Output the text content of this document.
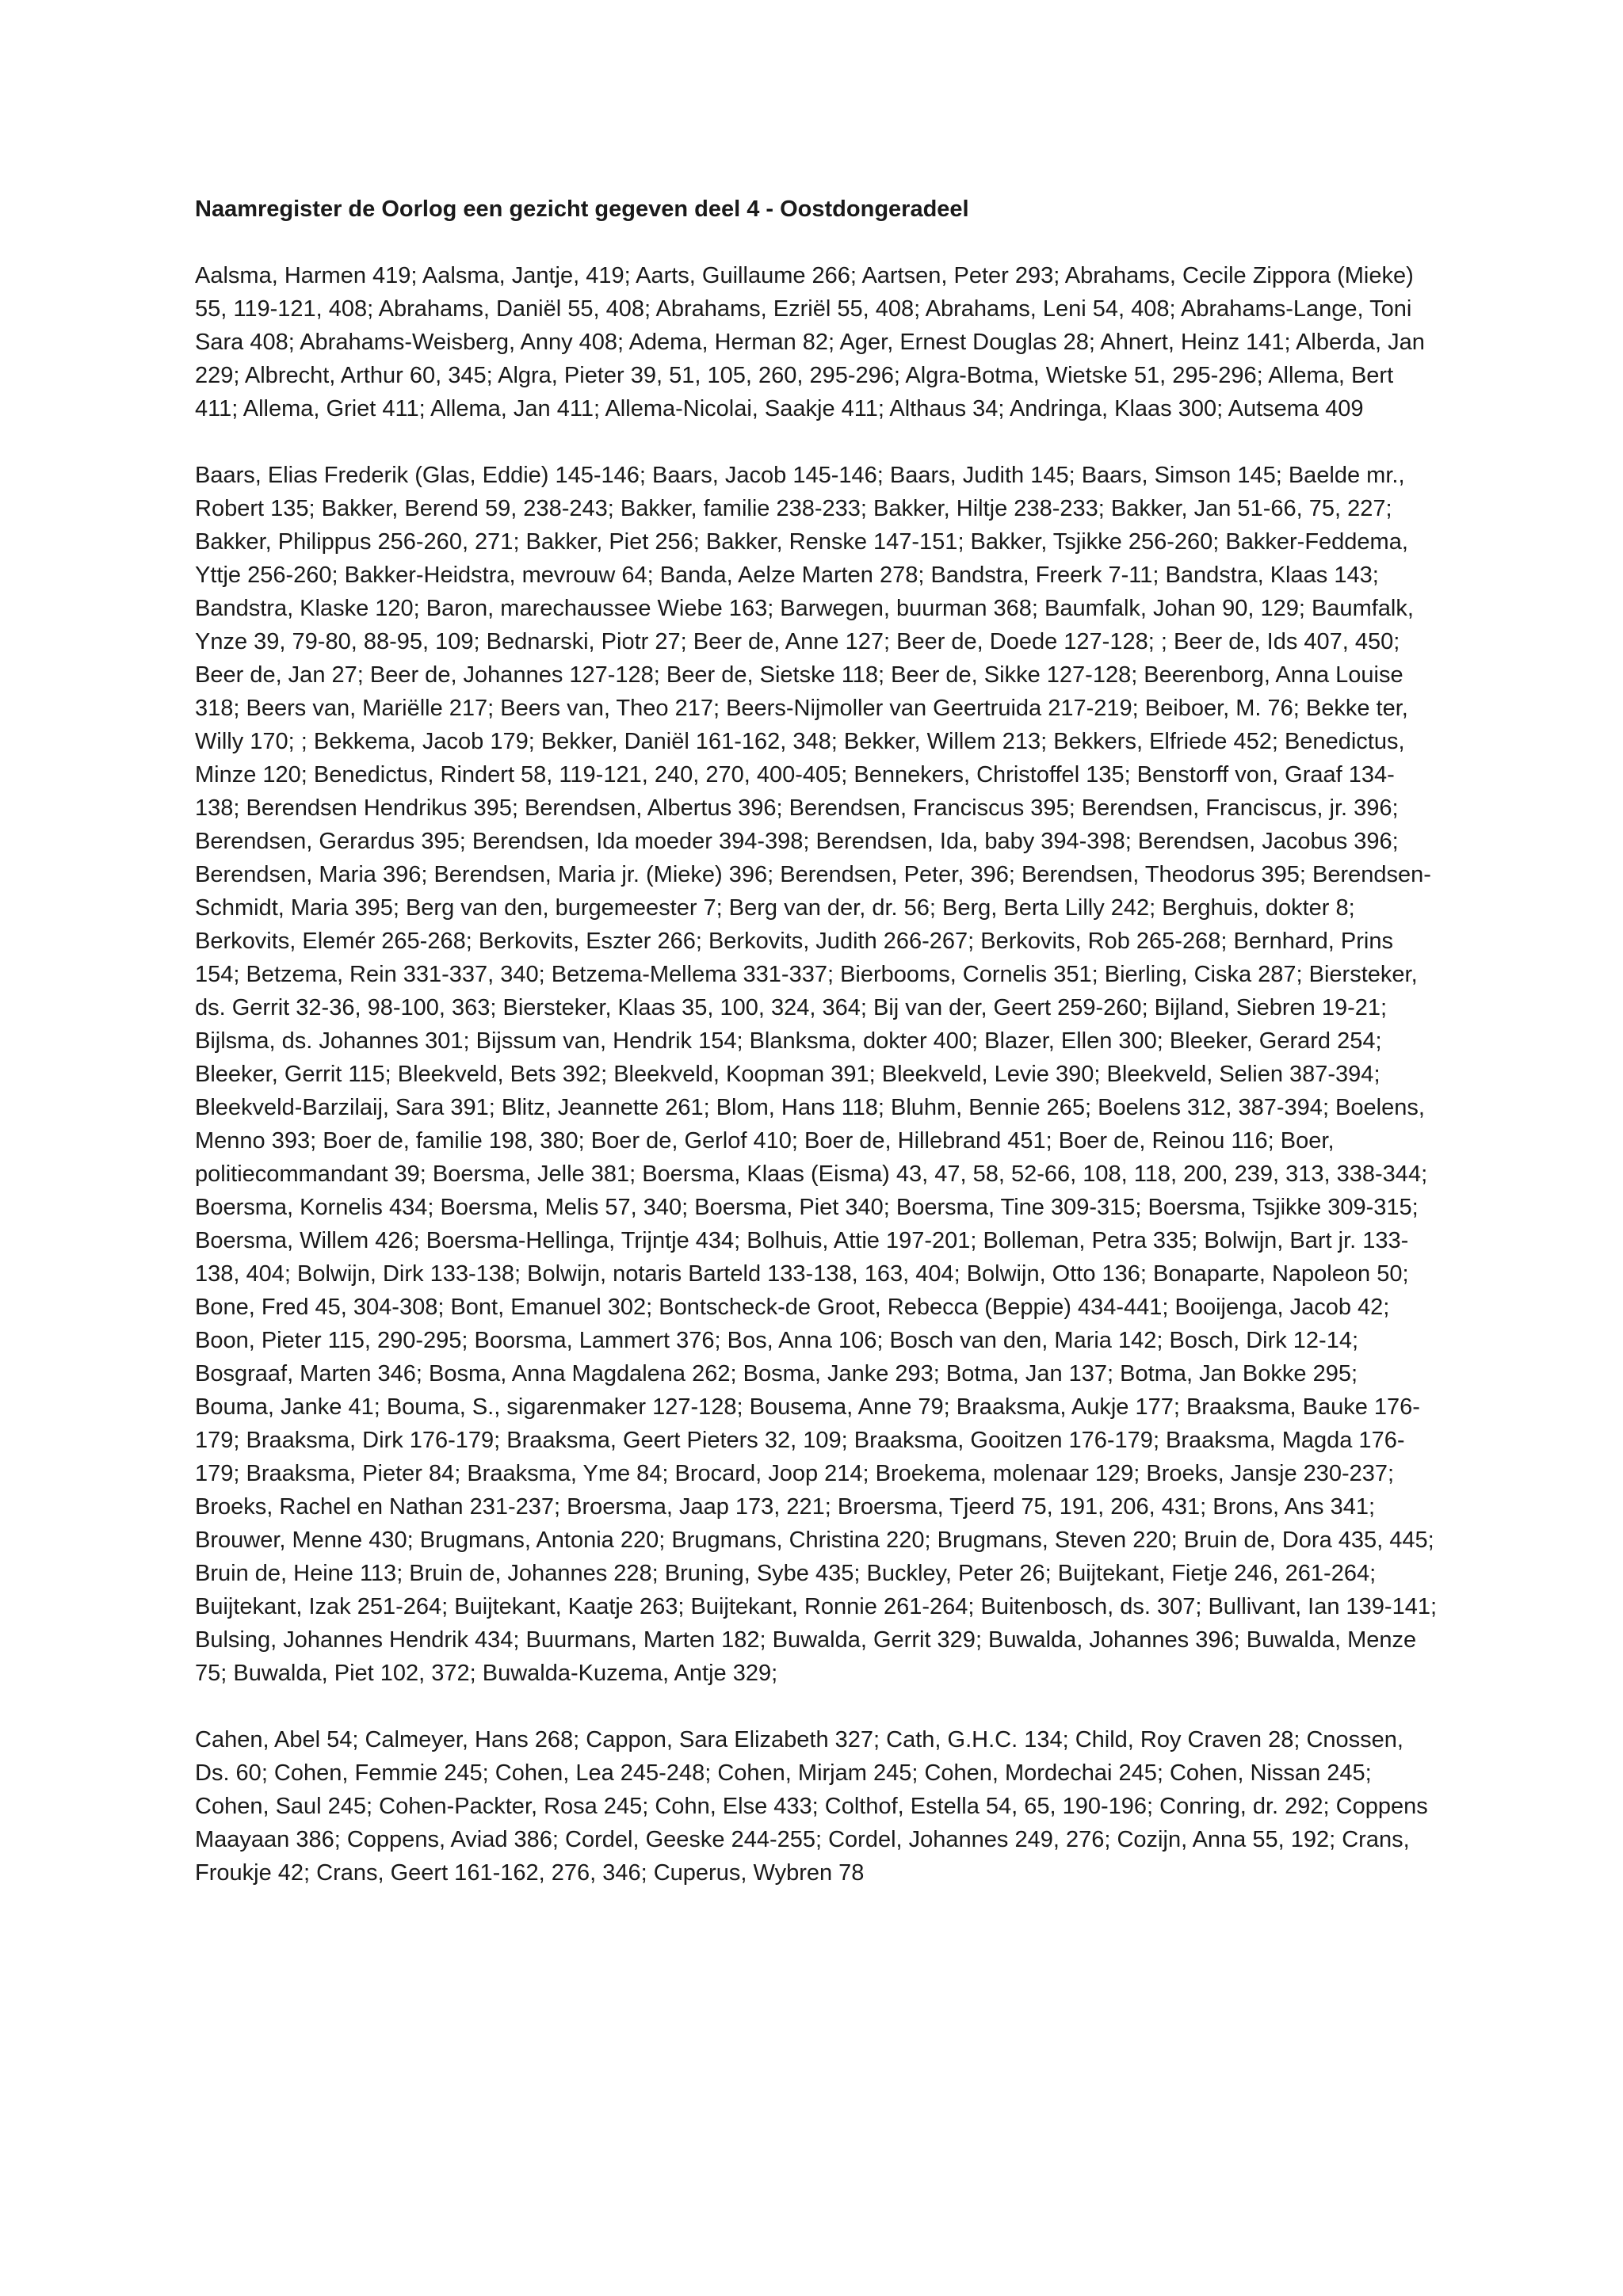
Naamregister de Oorlog een gezicht gegeven deel 4 - Oostdongeradeel

Aalsma, Harmen 419; Aalsma, Jantje, 419; Aarts, Guillaume 266; Aartsen, Peter 293; Abrahams, Cecile Zippora (Mieke) 55, 119-121, 408; Abrahams, Daniël 55, 408; Abrahams, Ezriël 55, 408; Abrahams, Leni 54, 408; Abrahams-Lange, Toni Sara 408; Abrahams-Weisberg, Anny 408; Adema, Herman 82; Ager, Ernest Douglas 28; Ahnert, Heinz 141; Alberda, Jan 229; Albrecht, Arthur 60, 345; Algra, Pieter 39, 51, 105, 260, 295-296; Algra-Botma, Wietske 51, 295-296; Allema, Bert 411; Allema, Griet 411; Allema, Jan 411; Allema-Nicolai, Saakje 411; Althaus 34; Andringa, Klaas 300; Autsema 409

Baars, Elias Frederik (Glas, Eddie) 145-146; Baars, Jacob 145-146; Baars, Judith 145; Baars, Simson 145; Baelde mr., Robert 135; Bakker, Berend 59, 238-243; Bakker, familie 238-233; Bakker, Hiltje 238-233; Bakker, Jan 51-66, 75, 227; Bakker, Philippus 256-260, 271; Bakker, Piet 256; Bakker, Renske 147-151; Bakker, Tsjikke 256-260; Bakker-Feddema, Yttje 256-260; Bakker-Heidstra, mevrouw 64; Banda, Aelze Marten 278; Bandstra, Freerk 7-11; Bandstra, Klaas 143; Bandstra, Klaske 120; Baron, marechaussee Wiebe 163; Barwegen, buurman 368; Baumfalk, Johan 90, 129; Baumfalk, Ynze 39, 79-80, 88-95, 109; Bednarski, Piotr 27; Beer de, Anne 127; Beer de, Doede 127-128; ; Beer de, Ids 407, 450; Beer de, Jan 27; Beer de, Johannes 127-128; Beer de, Sietske 118; Beer de, Sikke 127-128; Beerenborg, Anna Louise 318; Beers van, Mariëlle 217; Beers van, Theo 217; Beers-Nijmoller van Geertruida 217-219; Beiboer, M. 76; Bekke ter, Willy 170; ; Bekkema, Jacob 179; Bekker, Daniël 161-162, 348; Bekker, Willem 213; Bekkers, Elfriede 452; Benedictus, Minze 120; Benedictus, Rindert 58, 119-121, 240, 270, 400-405; Bennekers, Christoffel 135; Benstorff von, Graaf 134-138; Berendsen Hendrikus 395; Berendsen, Albertus 396; Berendsen, Franciscus 395; Berendsen, Franciscus, jr. 396; Berendsen, Gerardus 395; Berendsen, Ida moeder 394-398; Berendsen, Ida, baby 394-398; Berendsen, Jacobus 396; Berendsen, Maria 396; Berendsen, Maria jr. (Mieke) 396; Berendsen, Peter, 396; Berendsen, Theodorus 395; Berendsen-Schmidt, Maria 395; Berg van den, burgemeester 7; Berg van der, dr. 56; Berg, Berta Lilly 242; Berghuis, dokter 8; Berkovits, Elemér 265-268; Berkovits, Eszter 266; Berkovits, Judith 266-267; Berkovits, Rob 265-268; Bernhard, Prins 154; Betzema, Rein 331-337, 340; Betzema-Mellema 331-337; Bierbooms, Cornelis 351; Bierling, Ciska 287; Biersteker, ds. Gerrit 32-36, 98-100, 363; Biersteker, Klaas 35, 100, 324, 364; Bij van der, Geert 259-260; Bijland, Siebren 19-21; Bijlsma, ds. Johannes 301; Bijssum van, Hendrik 154; Blanksma, dokter 400; Blazer, Ellen 300; Bleeker, Gerard 254; Bleeker, Gerrit 115; Bleekveld, Bets 392; Bleekveld, Koopman 391; Bleekveld, Levie 390; Bleekveld, Selien 387-394; Bleekveld-Barzilaij, Sara 391; Blitz, Jeannette 261; Blom, Hans 118; Bluhm, Bennie 265; Boelens 312, 387-394; Boelens, Menno 393; Boer de, familie 198, 380; Boer de, Gerlof 410; Boer de, Hillebrand 451; Boer de, Reinou 116; Boer, politiecommandant 39; Boersma, Jelle 381; Boersma, Klaas (Eisma) 43, 47, 58, 52-66, 108, 118, 200, 239, 313, 338-344; Boersma, Kornelis 434; Boersma, Melis 57, 340; Boersma, Piet 340; Boersma, Tine 309-315; Boersma, Tsjikke 309-315; Boersma, Willem 426; Boersma-Hellinga, Trijntje 434; Bolhuis, Attie 197-201; Bolleman, Petra 335; Bolwijn, Bart jr. 133-138, 404; Bolwijn, Dirk 133-138; Bolwijn, notaris Barteld 133-138, 163, 404; Bolwijn, Otto 136; Bonaparte, Napoleon 50; Bone, Fred 45, 304-308; Bont, Emanuel 302; Bontscheck-de Groot, Rebecca (Beppie) 434-441; Booijenga, Jacob 42; Boon, Pieter 115, 290-295; Boorsma, Lammert 376; Bos, Anna 106; Bosch van den, Maria 142; Bosch, Dirk 12-14; Bosgraaf, Marten 346; Bosma, Anna Magdalena 262; Bosma, Janke 293; Botma, Jan 137; Botma, Jan Bokke 295; Bouma, Janke 41; Bouma, S., sigarenmaker 127-128; Bousema, Anne 79; Braaksma, Aukje 177; Braaksma, Bauke 176-179; Braaksma, Dirk 176-179; Braaksma, Geert Pieters 32, 109; Braaksma, Gooitzen 176-179; Braaksma, Magda 176-179; Braaksma, Pieter 84; Braaksma, Yme 84; Brocard, Joop 214; Broekema, molenaar 129; Broeks, Jansje 230-237; Broeks, Rachel en Nathan 231-237; Broersma, Jaap 173, 221; Broersma, Tjeerd 75, 191, 206, 431; Brons, Ans 341; Brouwer, Menne 430; Brugmans, Antonia 220; Brugmans, Christina 220; Brugmans, Steven 220; Bruin de, Dora 435, 445; Bruin de, Heine 113; Bruin de, Johannes 228; Bruning, Sybe 435; Buckley, Peter 26; Buijtekant, Fietje 246, 261-264; Buijtekant, Izak 251-264; Buijtekant, Kaatje 263; Buijtekant, Ronnie 261-264; Buitenbosch, ds. 307; Bullivant, Ian 139-141; Bulsing, Johannes Hendrik 434; Buurmans, Marten 182; Buwalda, Gerrit 329; Buwalda, Johannes 396; Buwalda, Menze 75; Buwalda, Piet 102, 372; Buwalda-Kuzema, Antje 329;

Cahen, Abel 54; Calmeyer, Hans 268; Cappon, Sara Elizabeth 327; Cath, G.H.C. 134; Child, Roy Craven 28; Cnossen, Ds. 60; Cohen, Femmie 245; Cohen, Lea 245-248; Cohen, Mirjam 245; Cohen, Mordechai 245; Cohen, Nissan 245; Cohen, Saul 245; Cohen-Packter, Rosa 245; Cohn, Else 433; Colthof, Estella 54, 65, 190-196; Conring, dr. 292; Coppens Maayaan 386; Coppens, Aviad 386; Cordel, Geeske 244-255; Cordel, Johannes 249, 276; Cozijn, Anna 55, 192; Crans, Froukje 42; Crans, Geert 161-162, 276, 346; Cuperus, Wybren 78
